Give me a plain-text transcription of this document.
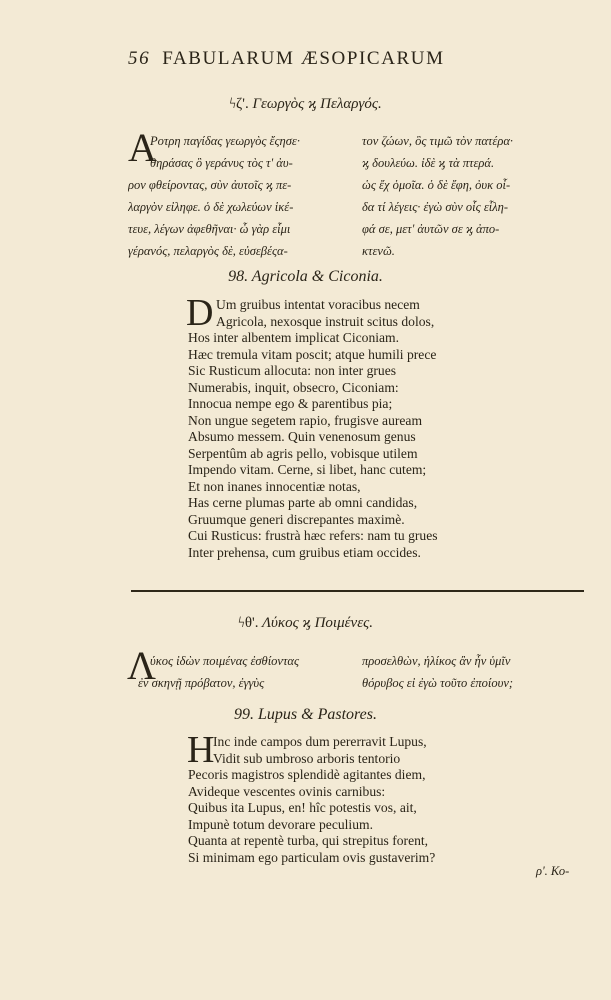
56 FABULARUM ÆSOPICARUM
ϟζ'. Γεωργὸς ϗ Πελαργός.
A
Ροτρη παγίδας γεωργὸς ἔςησε·
θηράσας ὃ γεράνυς τὸς τ' ἀυ-
ρον φθείροντας, σὺν ἀυτοῖς ϗ πε-
λαργὸν εἰληφε. ὁ δὲ χωλεύων ἱκέ-
τευε, λέγων ἀφεθῆναι· ὦ γὰρ εἶμι
γέρανός, πελαργὸς δὲ, εὐσεβέςα-
τον ζώων, ὃς τιμῶ τὸν πατέρα·
ϗ δουλεύω. ἰδὲ ϗ τὰ πτερά.
ὡς ἔχ ὁμοῖα. ὁ δὲ ἔφη, ὀυκ οἶ-
δα τί λέγεις· ἐγὼ σὺν οἷς εἷλη-
φά σε, μετ' ἀυτῶν σε ϗ ἀπο-
κτενῶ.
98. Agricola & Ciconia.
D Um gruibus intentat voracibus necem
Agricola, nexosque instruit scitus dolos,
Hos inter albentem implicat Ciconiam.
Hæc tremula vitam poscit; atque humili prece
Sic Rusticum allocuta: non inter grues
Numerabis, inquit, obsecro, Ciconiam:
Innocua nempe ego & parentibus pia;
Non ungue segetem rapio, frugisve auream
Absumo messem. Quin venenosum genus
Serpentûm ab agris pello, vobisque utilem
Impendo vitam. Cerne, si libet, hanc cutem;
Et non inanes innocentiæ notas,
Has cerne plumas parte ab omni candidas,
Gruumque generi discrepantes maximè.
Cui Rusticus: frustrà hæc refers: nam tu grues
Inter prehensa, cum gruibus etiam occides.
ϟθ'. Λύκος ϗ Ποιμένες.
Λ
ύκος ἰδὼν ποιμένας ἐσθίοντας
ἐν σκηνῇ πρόβατον, ἐγγὺς
προσελθὼν, ἡλίκος ἂν ἦν ὑμῖν
θόρυβος εἰ ἐγὼ τοῦτο ἐποίουν;
99. Lupus & Pastores.
H
Inc inde campos dum pererravit Lupus,
Vidit sub umbroso arboris tentorio
Pecoris magistros splendidè agitantes diem,
Avideque vescentes ovinis carnibus:
Quibus ita Lupus, en! hîc potestis vos, ait,
Impunè totum devorare peculium.
Quanta at repentè turba, qui strepitus forent,
Si minimam ego particulam ovis gustaverim?
ρ'. Κο-
